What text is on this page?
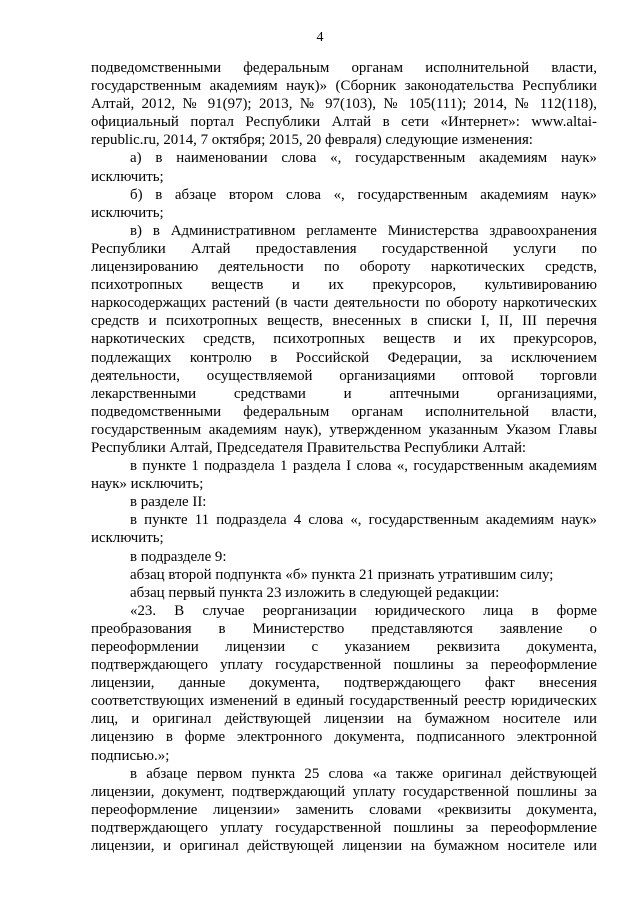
4
подведомственными федеральным органам исполнительной власти,
государственным академиям наук)» (Сборник законодательства Республики
Алтай, 2012, № 91(97); 2013, № 97(103), № 105(111); 2014, № 112(118),
официальный портал Республики Алтай в сети «Интернет»: www.altai-
republic.ru, 2014, 7 октября; 2015, 20 февраля) следующие изменения:
а) в наименовании слова «, государственным академиям наук»
исключить;
б) в абзаце втором слова «, государственным академиям наук»
исключить;
в) в Административном регламенте Министерства здравоохранения
Республики Алтай предоставления государственной услуги по
лицензированию деятельности по обороту наркотических средств,
психотропных веществ и их прекурсоров, культивированию
наркосодержащих растений (в части деятельности по обороту наркотических
средств и психотропных веществ, внесенных в списки I, II, III перечня
наркотических средств, психотропных веществ и их прекурсоров,
подлежащих контролю в Российской Федерации, за исключением
деятельности, осуществляемой организациями оптовой торговли
лекарственными средствами и аптечными организациями,
подведомственными федеральным органам исполнительной власти,
государственным академиям наук), утвержденном указанным Указом Главы
Республики Алтай, Председателя Правительства Республики Алтай:
в пункте 1 подраздела 1 раздела I слова «, государственным академиям
наук» исключить;
в разделе II:
в пункте 11 подраздела 4 слова «, государственным академиям наук»
исключить;
в подразделе 9:
абзац второй подпункта «б» пункта 21 признать утратившим силу;
абзац первый пункта 23 изложить в следующей редакции:
«23. В случае реорганизации юридического лица в форме
преобразования в Министерство представляются заявление о
переоформлении лицензии с указанием реквизита документа,
подтверждающего уплату государственной пошлины за переоформление
лицензии, данные документа, подтверждающего факт внесения
соответствующих изменений в единый государственный реестр юридических
лиц, и оригинал действующей лицензии на бумажном носителе или
лицензию в форме электронного документа, подписанного электронной
подписью.»;
в абзаце первом пункта 25 слова «а также оригинал действующей
лицензии, документ, подтверждающий уплату государственной пошлины за
переоформление лицензии» заменить словами «реквизиты документа,
подтверждающего уплату государственной пошлины за переоформление
лицензии, и оригинал действующей лицензии на бумажном носителе или
